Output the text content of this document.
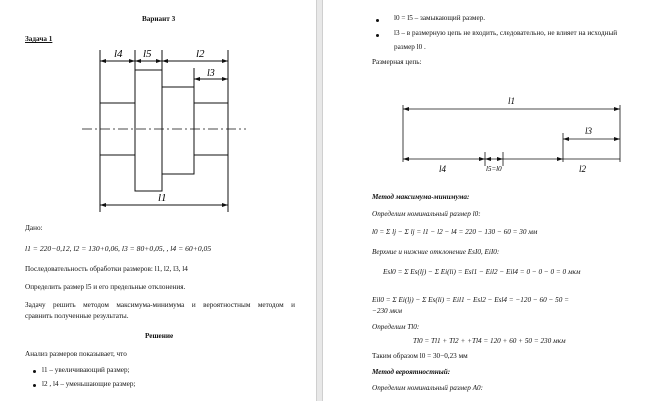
Вариант 3
Задача 1
l4 l5	l2
l3
l1
Дано:
l1 = 220−0,12, l2 = 130+0,06, l3 = 80+0,05, , l4 = 60+0,05
Последовательность обработки размеров: l1, l2, l3, l4
Определить размер l5 и его предельные отклонения.
Задачу решить методом максимума-минимума и вероятностным методом и
сравнить полученные результаты.
Решение
Анализ размеров показывает, что
l1 – увеличивающий размер;
l2 , l4 – уменьшающие размер;
l0 = l5 – замыкающий размер.
l3 – в размерную цепь не входить, следовательно, не влияет на исходный
размер l0 .
Размерная цепь:
l1
l3
l4	l5=l0	l2
Метод максимума-минимума:
Определим номинальный размер l0:
l0 = Σ lj − Σ lj = l1 − l2 − l4 = 220 − 130 − 60 = 30 мм
Верхние и нижние отклонение EsI0, EiI0:
Esl0 = Σ Es(lj) − Σ Ei(li) = Esl1 − Eil2 − Eil4 = 0 − 0 − 0 = 0 мкм
Eil0 = Σ Ei(lj) − Σ Es(li) = Eil1 − Esl2 − Esl4 = −120 − 60 − 50 =
−230 мкм
Определим Tl0:
Tl0 = Tl1 + Tl2 + +Tl4 = 120 + 60 + 50 = 230 мкм
Таким образом l0 = 30−0,23 мм
Метод вероятностный:
Определим номинальный размер A0:
